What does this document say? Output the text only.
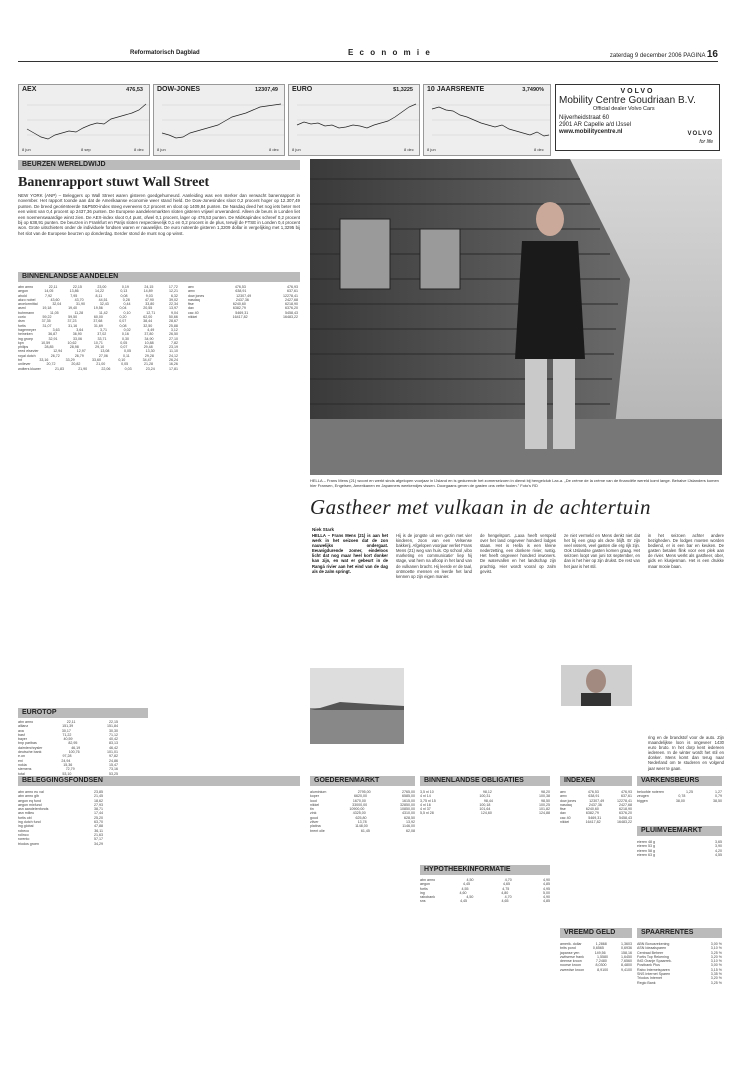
Reformatorisch Dagblad	E c o n o m i e	zaterdag 9 december 2006 PAGINA 16
AEX	476,53
8 jun	8 sep	8 dec
DOW-JONES	12307,49
8 jun	8 dec
EURO	$1,3225
8 jun	8 dec
10 JAARSRENTE	3,7490%
8 jun	8 dec
VOLVO
Mobility Centre Goudriaan B.V.
Official dealer Volvo Cars
Nijverheidstraat 60
2901 AR Capelle a/d IJssel
www.mobilitycentre.nl	VOLVO
for life
BEURZEN WERELDWIJD
Banenrapport stuwt Wall Street
NEW YORK (ANP) – Beleggers op Wall Street waren gisteren goedgehumeurd. Aanleiding was een sterker dan verwacht banenrapport in november. Het rapport toonde aan dat de Amerikaanse economie weer stand hield. De Dow-Jonesindex sloot 0,2 procent hoger op 12.307,49 punten. De breed georiënteerde S&P500-index steeg eveneens 0,2 procent en sloot op 1409,84 punten. De Nasdaq deed het nog iets beter met een winst van 0,4 procent op 2437,36 punten. De Europese aandelenmarkten sloten gisteren vrijwel onveranderd. Alleen de beurs in Londen liet een noemenswaardige winst zien. De AEX-index sloot 0,4 punt, ofwel 0,1 procent, lager op 476,53 punten. De MidKapindex schreef 0,2 procent bij op 638,91 punten. De beurzen in Frankfurt en Parijs sloten respectievelijk 0,1 en 0,2 procent in de plus, terwijl de FTSE in Londen 0,4 procent won. Grote uitschieters onder de individuele fondsen waren er nauwelijks. De euro noteerde gisteren 1,3209 dollar in vergelijking met 1,3295 bij het slot van de Europese beurzen op donderdag. Eerder stond de munt nog op winst.
BINNENLANDSE AANDELEN
abn amro	22,11	22,15	23,00	0,19	24,15	17,72
aegon	14,05	13,86	14,22	0,13	14,89	12,21
ahold	7,92	7,95	8,11	0,08	9,03	6,32
akzo nobel	43,60	43,70	44,51	0,28	47,90	39,02
arcelormittal	32,04	31,90	32,43	0,44	33,80	22,34
asml	19,18	19,40	19,56	0,04	20,55	13,97
buhrmann	11,05	11,28	11,42	0,10	12,71	9,04
corio	59,22	59,50	60,00	0,20	62,00	50,66
dsm	37,35	37,23	37,68	0,07	38,44	28,67
fortis	31,07	31,16	31,69	0,08	32,50	25,88
hagemeyer	3,63	3,64	3,71	0,02	4,49	3,12
heineken	36,87	36,90	37,02	0,16	37,80	26,50
ing groep	32,91	33,06	33,71	0,30	34,90	27,10
kpn	10,59	10,62	10,71	0,05	10,88	7,82
philips	28,85	28,98	29,10	0,07	29,48	23,19
reed elsevier	12,94	12,97	13,08	0,05	13,30	11,10
royal dutch	26,72	26,79	27,06	0,11	29,28	24,12
tnt	33,16	33,29	33,60	0,10	34,47	26,24
unilever	20,72	20,82	21,00	0,05	21,28	16,26
wolters kluwer	21,83	21,90	22,06	0,03	23,24	17,81
aex	476,53	476,93
amx	638,91	637,61
dow jones	12307,49	12278,41
nasdaq	2437,36	2427,68
ftse	6240,60	6218,90
dax	6382,79	6376,20
cac 40	5469,31	5458,43
nikkei	16417,82	16483,22
HELLA – Frans Mens (21) woont en werkt sinds afgelopen voorjaar in IJsland en is gedurende het zomerseizoen in dienst bij hengelclub Lax-a. „De crème de la crème van de financiële wereld komt lange. Behalve IJslanders komen hier Fransen, Engelsen, Amerikanen en Japanners weekendjes vissen. Doorgaans geven de gasten ons vette fooien." Foto's RD
Gastheer met vulkaan in de achtertuin
Niek Stark
HELLA – Frans Mens (21) is aan het werk in het seizoen dat de zon nauwelijks ondergaat. Eeuwigdurende zomer, eindeloos licht dat nog maar heel kort donker kan zijn, en wat er gebeurt in de Rangá rivier aan het eind van de dag als de zalm springt.
Hij is de jongste uit een gezin met vier kinderen, zoon van een Velsense bakkerij. Afgelopen voorjaar verliet Frans Mens (21) weg van huis. Op school ‚vibo marketing en communicatie' liep hij stage, wat hem na afloop in het land van de vulkanen bracht. Hij leerde er de taal, ontmoette mensen en leerde het land kennen op zijn eigen manier.
de hengelsport. „Laxa heeft verspeld over het land ongeveer honderd lodges staan. Het is Hella is een kleine nederzetting, een donkere rivier, rustig. Het heeft ongeveer honderd inwoners. De watervallen en het landschap zijn prachtig. Hier wordt vooral op zalm gevist.
ze niet vermeld en Mens denkt niet dat het bij een grap als deze blijft. Er zijn veel vissers, veel gasten die erg rijk zijn. Ook IJslandse gasten komen graag. Het seizoen loopt van juni tot september, en dan is het hier op zijn drukst. De rest van het jaar is het stil.
in het seizoen achter andere bezigheden. De lodges moeten worden bediend, er is een bar en keuken. De gasten betalen flink voor een plek aan de rivier. Mens werkt als gastheer, ober, gids en klusjesman. Het is een drukke maar mooie baan.
EUROTOP
abn amro	22,11	22,15
allianz	151,39	151,84
axa	30,17	30,30
basf	71,22	71,12
bayer	40,59	40,42
bnp paribas	82,95	83,13
daimlerchrysler	46,19	46,42
deutsche bank	100,76	101,01
e.on	97,28	97,82
eni	24,94	24,86
nokia	15,36	15,47
siemens	72,79	73,16
total	53,10	53,25
BELEGGINGSFONDSEN
abn amro eu val	23,85
abn amro glb	21,45
aegon eq fund	18,62
aegon mixfund	27,93
asn aandelenfonds	38,71
asn milieu	17,44
fortis obl	25,20
ing dutch fund	63,70
ing global	47,88
robeco	36,11
rolinco	21,63
rorento	57,17
triodos groen	34,29
GOEDERENMARKT
aluminium	2795,00	2765,00
koper	6620,00	6585,00
lood	1670,00	1615,00
nikkel	33000,00	32850,00
tin	10900,00	10850,00
zink	4325,00	4310,00
goud	625,80	628,50
zilver	13,78	13,92
platina	1148,00	1146,00
brent olie	61,45	62,08
BINNENLANDSE OBLIGATIES
3,5 nl 10	98,12	98,20
4 nl 14	100,31	100,38
3,75 nl 15	98,44	98,50
4 nl 16	100,18	100,25
4 nl 37	101,64	101,82
5,5 nl 28	124,60	124,88
HYPOTHEEKINFORMATIE
abn amro	4,50	4,70	4,90
aegon	4,45	4,65	4,85
fortis	4,55	4,75	4,95
ing	4,60	4,80	5,00
rabobank	4,50	4,70	4,90
sns	4,45	4,65	4,85
INDEXEN
aex	476,53	476,93
amx	638,91	637,61
dow jones	12307,49	12278,41
nasdaq	2437,36	2427,68
ftse	6240,60	6218,90
dax	6382,79	6376,20
cac 40	5469,31	5458,43
nikkei	16417,82	16483,22
VARKENSBEURS
beloofde noteren	1,25	1,27
zeugen	0,78	0,79
biggen	38,00	38,50
PLUIMVEEMARKT
eieren 48 g	3,65
eieren 53 g	3,90
eieren 58 g	4,20
eieren 63 g	4,55
VREEMD GELD
amerik. dollar	1,2868	1,3603
brits pond	0,6565	0,6936
japanse yen	149,56	158,16
zwitserse frank	1,5580	1,6450
deense kroon	7,2480	7,6560
noorse kroon	8,0300	8,4800
zweedse kroon	8,9100	9,4100
SPAARRENTES
ABN Bonusrekening	3,00 %
ASN Ideaalsparen	3,10 %
Centraal Beheer	3,25 %
Fortis Top Rekening	3,20 %
ING Oranje Spaarrek.	3,10 %
Postbank Plus	3,00 %
Rabo Internetsparen	3,15 %
SNS Internet Sparen	3,35 %
Triodos Internet	3,20 %
Regio Bank	3,25 %
ring en de brandstof voor de auto. Zijn maandelijkse loon is ongeveer 1430 euro bruto. In het dorp kent iedereen iedereen. In de winter wordt het stil en donker. Mens komt dan terug naar Nederland om te studeren en volgend jaar weer te gaan.
